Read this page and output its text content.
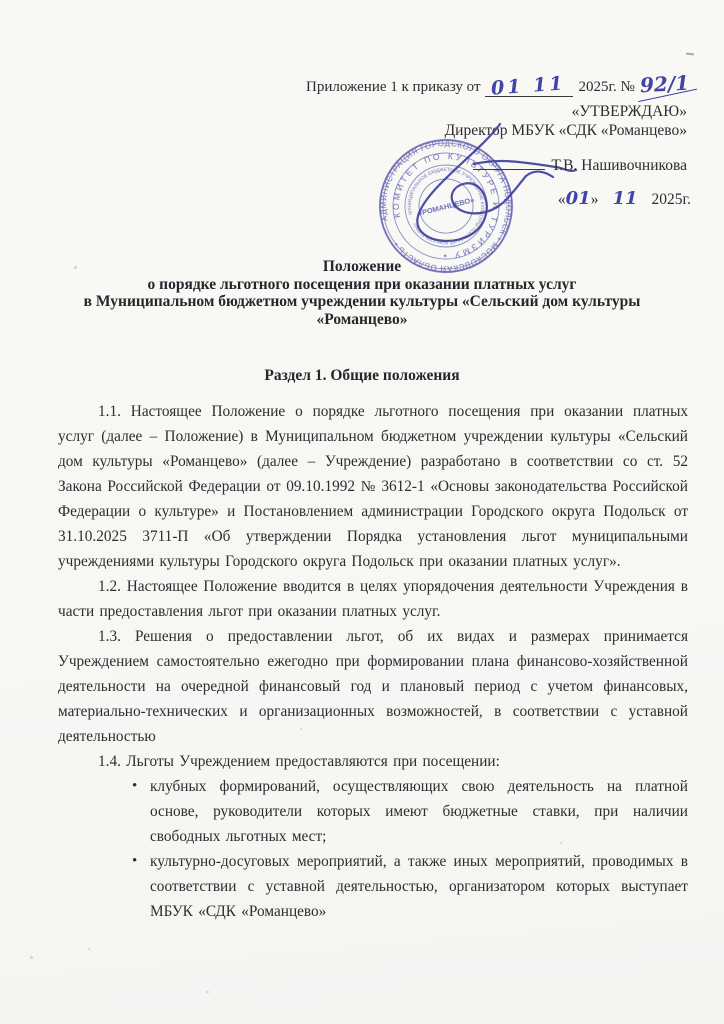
Приложение 1 к приказу от 01 11 2025г. № 92/1
«УТВЕРЖДАЮ»
Директор МБУК «СДК «Романцево»
АДМИНИСТРАЦИЯ ГОРОДСКОГО ОКРУГА ПОДОЛЬСК • МОСКОВСКАЯ ОБЛАСТЬ •
КОМИТЕТ ПО КУЛЬТУРЕ И ТУРИЗМУ •
МУНИЦИПАЛЬНОЕ БЮДЖЕТНОЕ УЧРЕЖДЕНИЕ КУЛЬТУРЫ «СЕЛЬСКИЙ ДОМ КУЛЬТУРЫ»
«РОМАНЦЕВО»
Т.В. Нашивочникова
«01» 11 2025г.
Положение
о порядке льготного посещения при оказании платных услуг
в Муниципальном бюджетном учреждении культуры «Сельский дом культуры
«Романцево»
Раздел 1. Общие положения

1.1. Настоящее Положение о порядке льготного посещения при оказании платных услуг (далее – Положение) в Муниципальном бюджетном учреждении культуры «Сельский дом культуры «Романцево» (далее – Учреждение) разработано в соответствии со ст. 52 Закона Российской Федерации от 09.10.1992 № 3612-1 «Основы законодательства Российской Федерации о культуре» и Постановлением администрации Городского округа Подольск от 31.10.2025 3711-П «Об утверждении Порядка установления льгот муниципальными учреждениями культуры Городского округа Подольск при оказании платных услуг».

1.2. Настоящее Положение вводится в целях упорядочения деятельности Учреждения в части предоставления льгот при оказании платных услуг.

1.3. Решения о предоставлении льгот, об их видах и размерах принимается Учреждением самостоятельно ежегодно при формировании плана финансово-хозяйственной деятельности на очередной финансовый год и плановый период с учетом финансовых, материально-технических и организационных возможностей, в соответствии с уставной деятельностью

1.4. Льготы Учреждением предоставляются при посещении:

• клубных формирований, осуществляющих свою деятельность на платной основе, руководители которых имеют бюджетные ставки, при наличии свободных льготных мест;
• культурно-досуговых мероприятий, а также иных мероприятий, проводимых в соответствии с уставной деятельностью, организатором которых выступает МБУК «СДК «Романцево»
